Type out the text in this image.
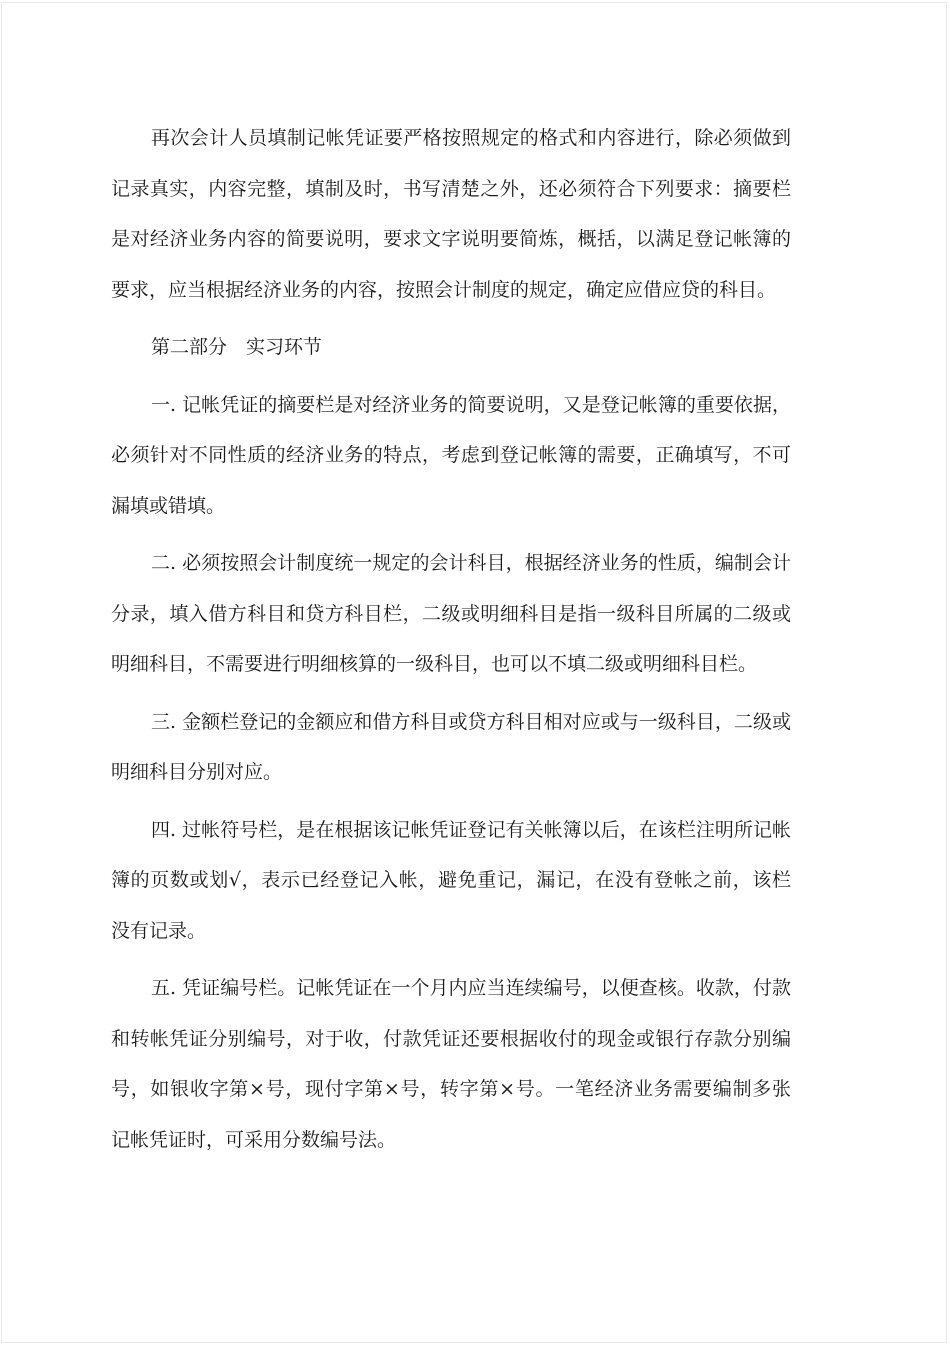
再次会计人员填制记帐凭证要严格按照规定的格式和内容进行，除必须做到
记录真实，内容完整，填制及时，书写清楚之外，还必须符合下列要求：摘要栏
是对经济业务内容的简要说明，要求文字说明要简炼，概括，以满足登记帐簿的
要求，应当根据经济业务的内容，按照会计制度的规定，确定应借应贷的科目。

第二部分　实习环节

一. 记帐凭证的摘要栏是对经济业务的简要说明，又是登记帐簿的重要依据，
必须针对不同性质的经济业务的特点，考虑到登记帐簿的需要，正确填写，不可
漏填或错填。

二. 必须按照会计制度统一规定的会计科目，根据经济业务的性质，编制会计
分录，填入借方科目和贷方科目栏，二级或明细科目是指一级科目所属的二级或
明细科目，不需要进行明细核算的一级科目，也可以不填二级或明细科目栏。

三. 金额栏登记的金额应和借方科目或贷方科目相对应或与一级科目，二级或
明细科目分别对应。

四. 过帐符号栏，是在根据该记帐凭证登记有关帐簿以后，在该栏注明所记帐
簿的页数或划√，表示已经登记入帐，避免重记，漏记，在没有登帐之前，该栏
没有记录。

五. 凭证编号栏。记帐凭证在一个月内应当连续编号，以便查核。收款，付款
和转帐凭证分别编号，对于收，付款凭证还要根据收付的现金或银行存款分别编
号，如银收字第×号，现付字第×号，转字第×号。一笔经济业务需要编制多张
记帐凭证时，可采用分数编号法。
